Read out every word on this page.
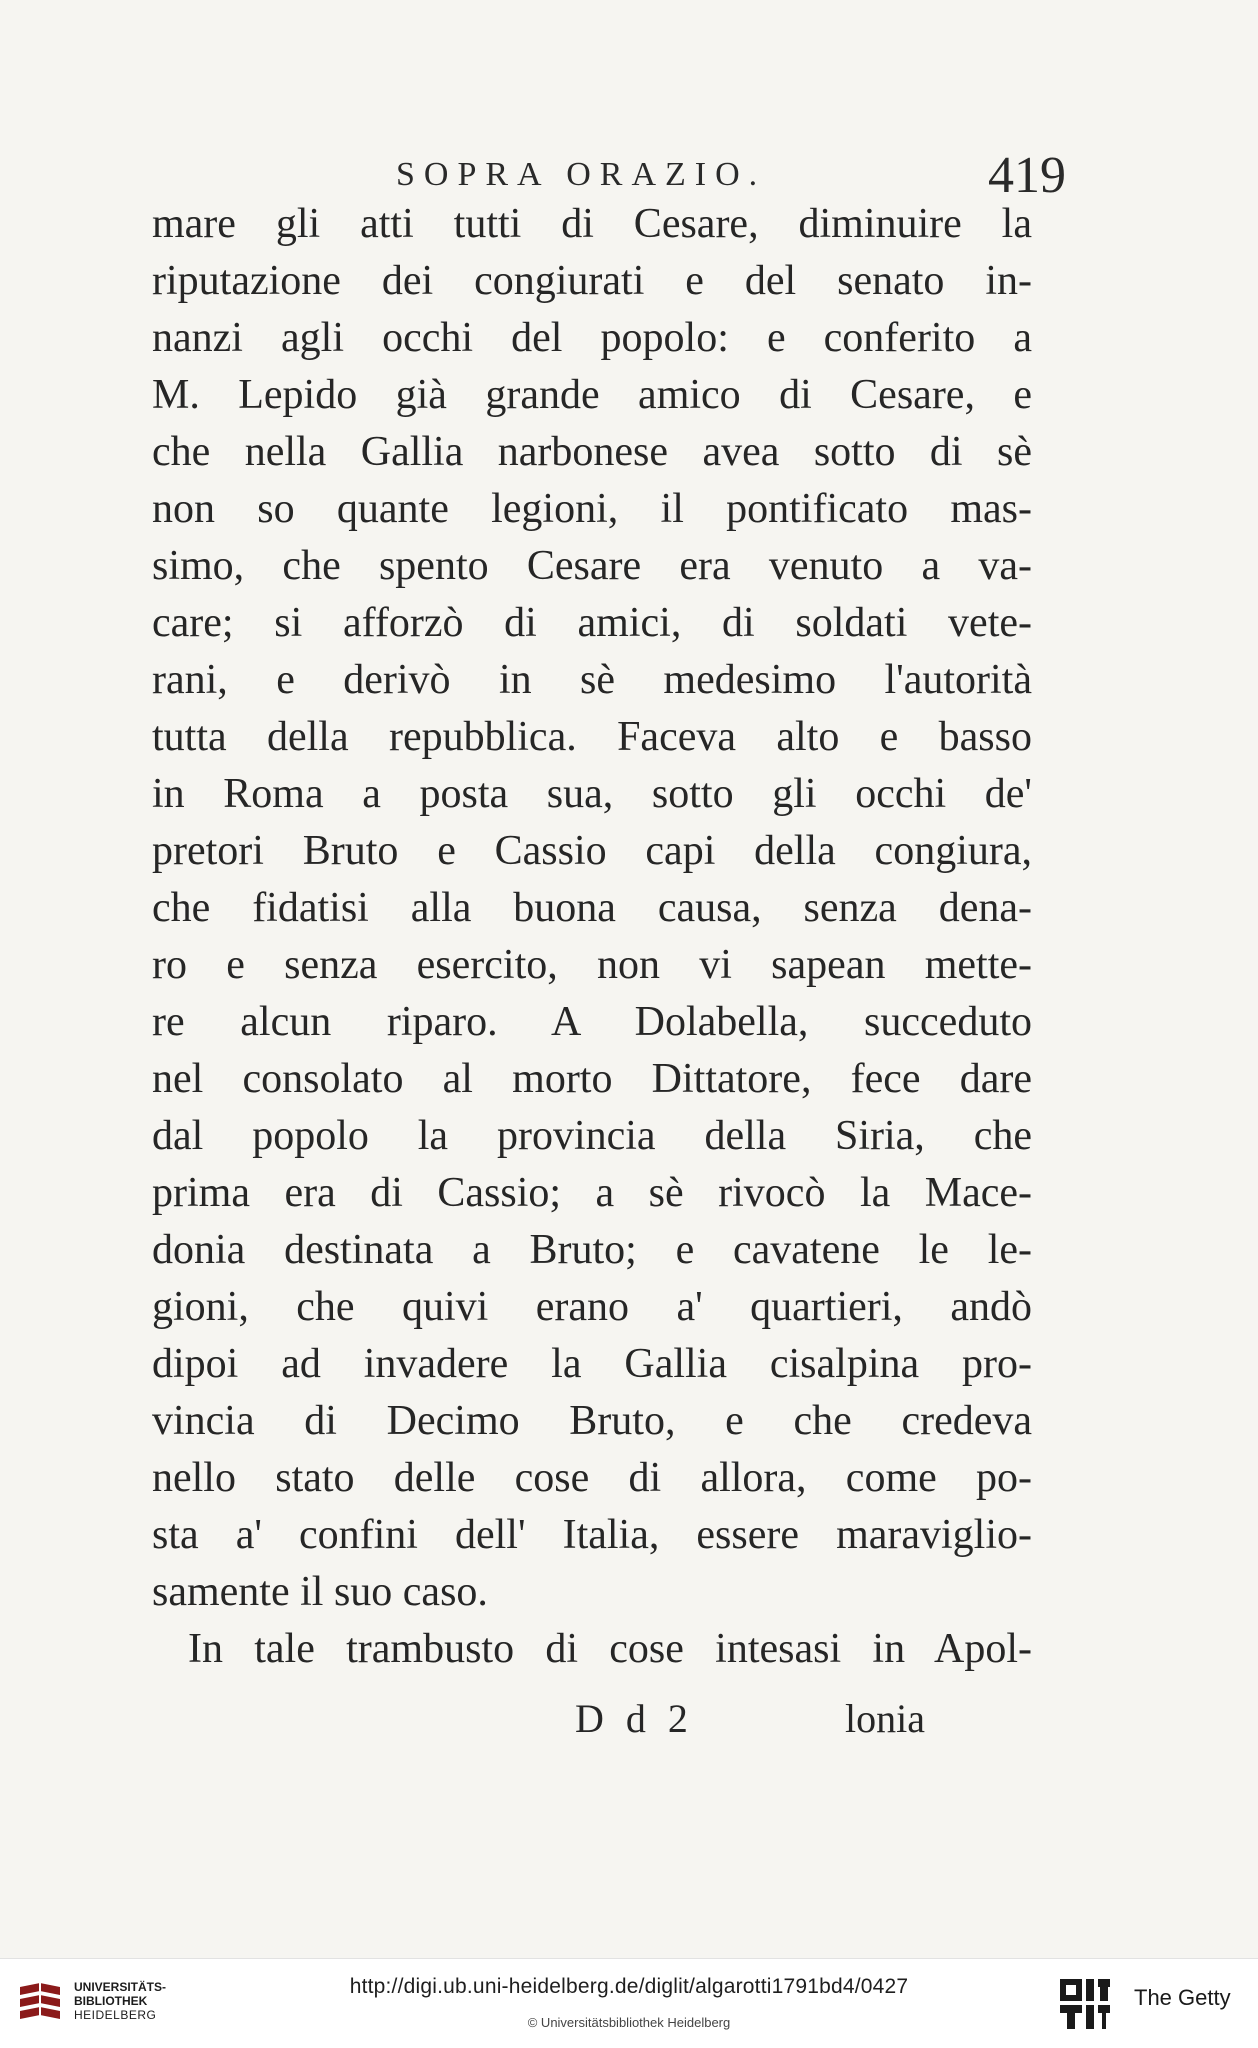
SOPRA ORAZIO.	419
mare gli atti tutti di Cesare, diminuire la
riputazione dei congiurati e del senato in-
nanzi agli occhi del popolo: e conferito a
M. Lepido già grande amico di Cesare, e
che nella Gallia narbonese avea sotto di sè
non so quante legioni, il pontificato mas-
simo, che spento Cesare era venuto a va-
care; si afforzò di amici, di soldati vete-
rani, e derivò in sè medesimo l'autorità
tutta della repubblica. Faceva alto e basso
in Roma a posta sua, sotto gli occhi de'
pretori Bruto e Cassio capi della congiura,
che fidatisi alla buona causa, senza dena-
ro e senza esercito, non vi sapean mette-
re alcun riparo. A Dolabella, succeduto
nel consolato al morto Dittatore, fece dare
dal popolo la provincia della Siria, che
prima era di Cassio; a sè rivocò la Mace-
donia destinata a Bruto; e cavatene le le-
gioni, che quivi erano a' quartieri, andò
dipoi ad invadere la Gallia cisalpina pro-
vincia di Decimo Bruto, e che credeva
nello stato delle cose di allora, come po-
sta a' confini dell' Italia, essere maraviglio-
samente il suo caso.
In tale trambusto di cose intesasi in Apol-
D d 2	lonia
UNIVERSITÄTS-
BIBLIOTHEK
HEIDELBERG
http://digi.ub.uni-heidelberg.de/diglit/algarotti1791bd4/0427
© Universitätsbibliothek Heidelberg
The Getty
